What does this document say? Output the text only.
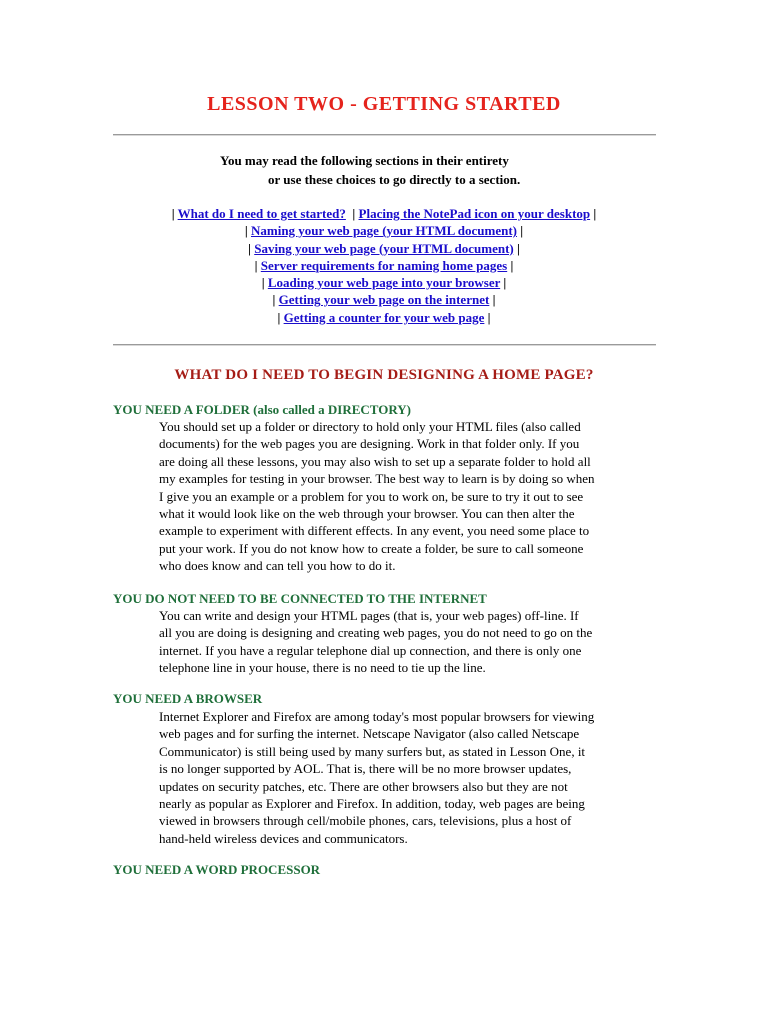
LESSON TWO - GETTING STARTED

You may read the following sections in their entirety

or use these choices to go directly to a section.

| What do I need to get started? | Placing the NotePad icon on your desktop |
| Naming your web page (your HTML document) |
| Saving your web page (your HTML document) |
| Server requirements for naming home pages |
| Loading your web page into your browser |
| Getting your web page on the internet |
| Getting a counter for your web page |
WHAT DO I NEED TO BEGIN DESIGNING A HOME PAGE?
YOU NEED A FOLDER (also called a DIRECTORY)
You should set up a folder or directory to hold only your HTML files (also called
documents) for the web pages you are designing. Work in that folder only. If you
are doing all these lessons, you may also wish to set up a separate folder to hold all
my examples for testing in your browser. The best way to learn is by doing so when
I give you an example or a problem for you to work on, be sure to try it out to see
what it would look like on the web through your browser. You can then alter the
example to experiment with different effects. In any event, you need some place to
put your work. If you do not know how to create a folder, be sure to call someone
who does know and can tell you how to do it.
YOU DO NOT NEED TO BE CONNECTED TO THE INTERNET
You can write and design your HTML pages (that is, your web pages) off-line. If
all you are doing is designing and creating web pages, you do not need to go on the
internet. If you have a regular telephone dial up connection, and there is only one
telephone line in your house, there is no need to tie up the line.
YOU NEED A BROWSER
Internet Explorer and Firefox are among today's most popular browsers for viewing
web pages and for surfing the internet. Netscape Navigator (also called Netscape
Communicator) is still being used by many surfers but, as stated in Lesson One, it
is no longer supported by AOL. That is, there will be no more browser updates,
updates on security patches, etc. There are other browsers also but they are not
nearly as popular as Explorer and Firefox. In addition, today, web pages are being
viewed in browsers through cell/mobile phones, cars, televisions, plus a host of
hand-held wireless devices and communicators.
YOU NEED A WORD PROCESSOR
